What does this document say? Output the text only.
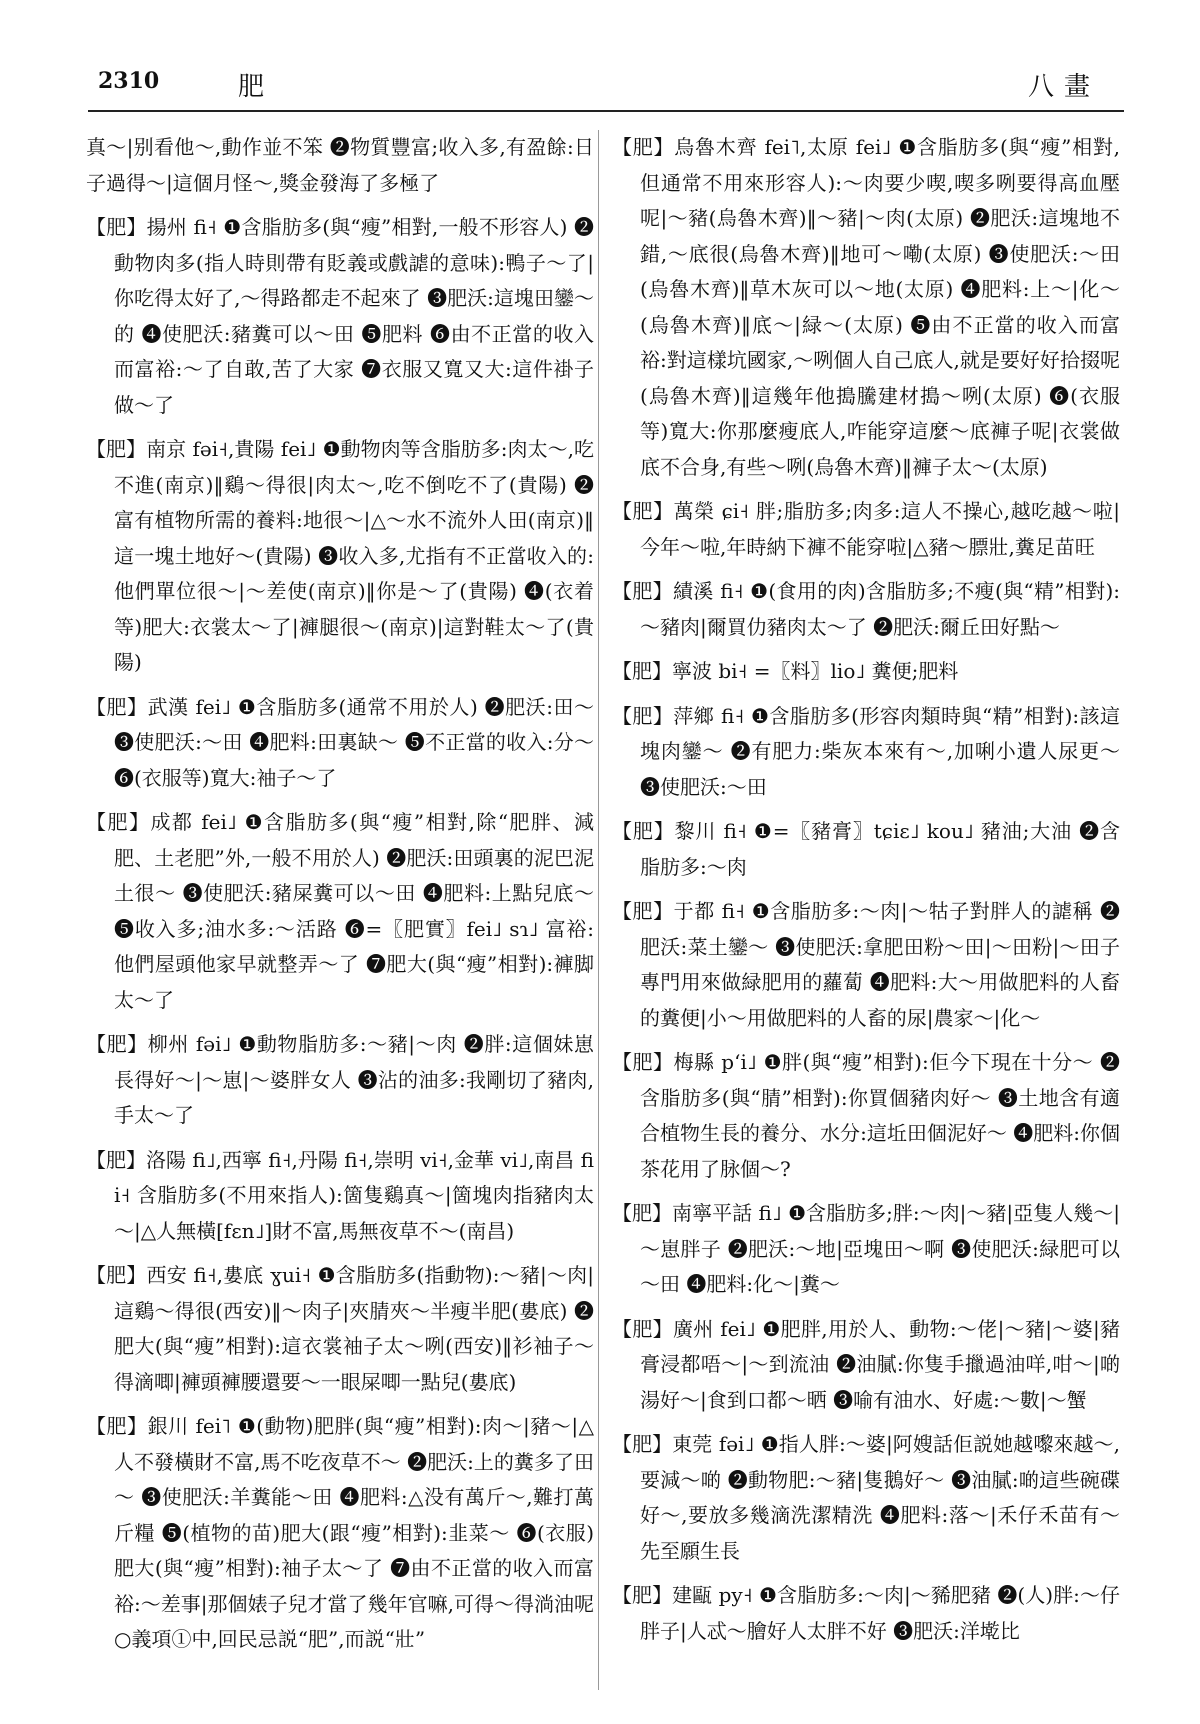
2310	肥	八畫

真～|别看他～,動作並不笨 ❷物質豐富;收入多,有盈餘:日子過得～|這個月怪～,獎金發海了多極了

【肥】揚州 fi˧ ❶含脂肪多(與“瘦”相對,一般不形容人) ❷動物肉多(指人時則帶有貶義或戲謔的意味):鴨子～了|你吃得太好了,～得路都走不起來了 ❸肥沃:這塊田鑾～的 ❹使肥沃:豬糞可以～田 ❺肥料 ❻由不正當的收入而富裕:～了自敢,苦了大家 ❼衣服又寬又大:這件褂子做～了

【肥】南京 fəi˧,貴陽 fei˩ ❶動物肉等含脂肪多:肉太～,吃不進(南京)‖鷄～得很|肉太～,吃不倒吃不了(貴陽) ❷富有植物所需的養料:地很～|△～水不流外人田(南京)‖這一塊土地好～(貴陽) ❸收入多,尤指有不正當收入的:他們單位很～|～差使(南京)‖你是～了(貴陽) ❹(衣着等)肥大:衣裳太～了|褲腿很～(南京)|這對鞋太～了(貴陽)

【肥】武漢 fei˩ ❶含脂肪多(通常不用於人) ❷肥沃:田～ ❸使肥沃:～田 ❹肥料:田裏缺～ ❺不正當的收入:分～ ❻(衣服等)寬大:袖子～了

【肥】成都 fei˩ ❶含脂肪多(與“瘦”相對,除“肥胖、減肥、土老肥”外,一般不用於人) ❷肥沃:田頭裏的泥巴泥土很～ ❸使肥沃:豬屎糞可以～田 ❹肥料:上點兒底～ ❺收入多;油水多:～活路 ❻=〖肥實〗fei˩ sɿ˩ 富裕:他們屋頭他家早就整弄～了 ❼肥大(與“瘦”相對):褲脚太～了

【肥】柳州 fəi˩ ❶動物脂肪多:～豬|～肉 ❷胖:這個妹崽長得好～|～崽|～婆胖女人 ❸沾的油多:我剛切了豬肉,手太～了

【肥】洛陽 fi˩,西寧 fi˧,丹陽 fi˧,崇明 vi˧,金華 vi˩,南昌 fii˧ 含脂肪多(不用來指人):箇隻鷄真～|箇塊肉指豬肉太～|△人無橫[fɛn˩]財不富,馬無夜草不～(南昌)

【肥】西安 fi˧,婁底 ɣui˧ ❶含脂肪多(指動物):～豬|～肉|這鷄～得很(西安)‖～肉子|夾腈夾～半瘦半肥(婁底) ❷肥大(與“瘦”相對):這衣裳袖子太～咧(西安)‖衫袖子～得滴唧|褲頭褲腰還要～一眼屎唧一點兒(婁底)

【肥】銀川 fei˥ ❶(動物)肥胖(與“瘦”相對):肉～|豬～|△人不發橫財不富,馬不吃夜草不～ ❷肥沃:上的糞多了田～ ❸使肥沃:羊糞能～田 ❹肥料:△没有萬斤～,難打萬斤糧 ❺(植物的苗)肥大(跟“瘦”相對):韭菜～ ❻(衣服)肥大(與“瘦”相對):袖子太～了 ❼由不正當的收入而富裕:～差事|那個婊子兒才當了幾年官嘛,可得～得淌油呢 ○義項①中,回民忌説“肥”,而説“壯”

【肥】烏魯木齊 fei˥,太原 fei˩ ❶含脂肪多(與“瘦”相對,但通常不用來形容人):～肉要少喫,喫多咧要得高血壓呢|～豬(烏魯木齊)‖～豬|～肉(太原) ❷肥沃:這塊地不錯,～底很(烏魯木齊)‖地可～嘞(太原) ❸使肥沃:～田(烏魯木齊)‖草木灰可以～地(太原) ❹肥料:上～|化～(烏魯木齊)‖底～|緑～(太原) ❺由不正當的收入而富裕:對這樣坑國家,～咧個人自己底人,就是要好好拾掇呢(烏魯木齊)‖這幾年他搗騰建材搗～咧(太原) ❻(衣服等)寬大:你那麼瘦底人,咋能穿這麼～底褲子呢|衣裳做底不合身,有些～咧(烏魯木齊)‖褲子太～(太原)

【肥】萬榮 ɕi˧ 胖;脂肪多;肉多:這人不操心,越吃越～啦|今年～啦,年時納下褲不能穿啦|△豬～膘壯,糞足苗旺

【肥】績溪 fi˧ ❶(食用的肉)含脂肪多;不瘦(與“精”相對):～豬肉|爾買仂豬肉太～了 ❷肥沃:爾丘田好點～

【肥】寧波 bi˧ =〖料〗lio˩ 糞便;肥料

【肥】萍鄉 fi˧ ❶含脂肪多(形容肉類時與“精”相對):該這塊肉鑾～ ❷有肥力:柴灰本來有～,加唎小遺人尿更～ ❸使肥沃:～田

【肥】黎川 fi˧ ❶=〖豬膏〗tɕiɛ˩ kou˩ 豬油;大油 ❷含脂肪多:～肉

【肥】于都 fi˧ ❶含脂肪多:～肉|～牯子對胖人的謔稱 ❷肥沃:菜土鑾～ ❸使肥沃:拿肥田粉～田|～田粉|～田子專門用來做緑肥用的蘿蔔 ❹肥料:大～用做肥料的人畜的糞便|小～用做肥料的人畜的尿|農家～|化～

【肥】梅縣 pʻi˩ ❶胖(與“瘦”相對):佢今下現在十分～ ❷含脂肪多(與“腈”相對):你買個豬肉好～ ❸土地含有適合植物生長的養分、水分:這坵田個泥好～ ❹肥料:你個茶花用了脉個～?

【肥】南寧平話 fi˩ ❶含脂肪多;胖:～肉|～豬|亞隻人幾～|～崽胖子 ❷肥沃:～地|亞塊田～啊 ❸使肥沃:緑肥可以～田 ❹肥料:化～|糞～

【肥】廣州 fei˩ ❶肥胖,用於人、動物:～佬|～豬|～婆|豬膏浸都唔～|～到流油 ❷油膩:你隻手擸過油咩,咁～|啲湯好～|食到口都～晒 ❸喻有油水、好處:～數|～蟹

【肥】東莞 fəi˩ ❶指人胖:～婆|阿嫂話佢説她越嚟來越～,要減～啲 ❷動物肥:～豬|隻鵝好～ ❸油膩:啲這些碗碟好～,要放多幾滴洗潔精洗 ❹肥料:落～|禾仔禾苗有～先至願生長

【肥】建甌 py˧ ❶含脂肪多:～肉|～豨肥豬 ❷(人)胖:～仔胖子|人忒～膾好人太胖不好 ❸肥沃:洋墘比
